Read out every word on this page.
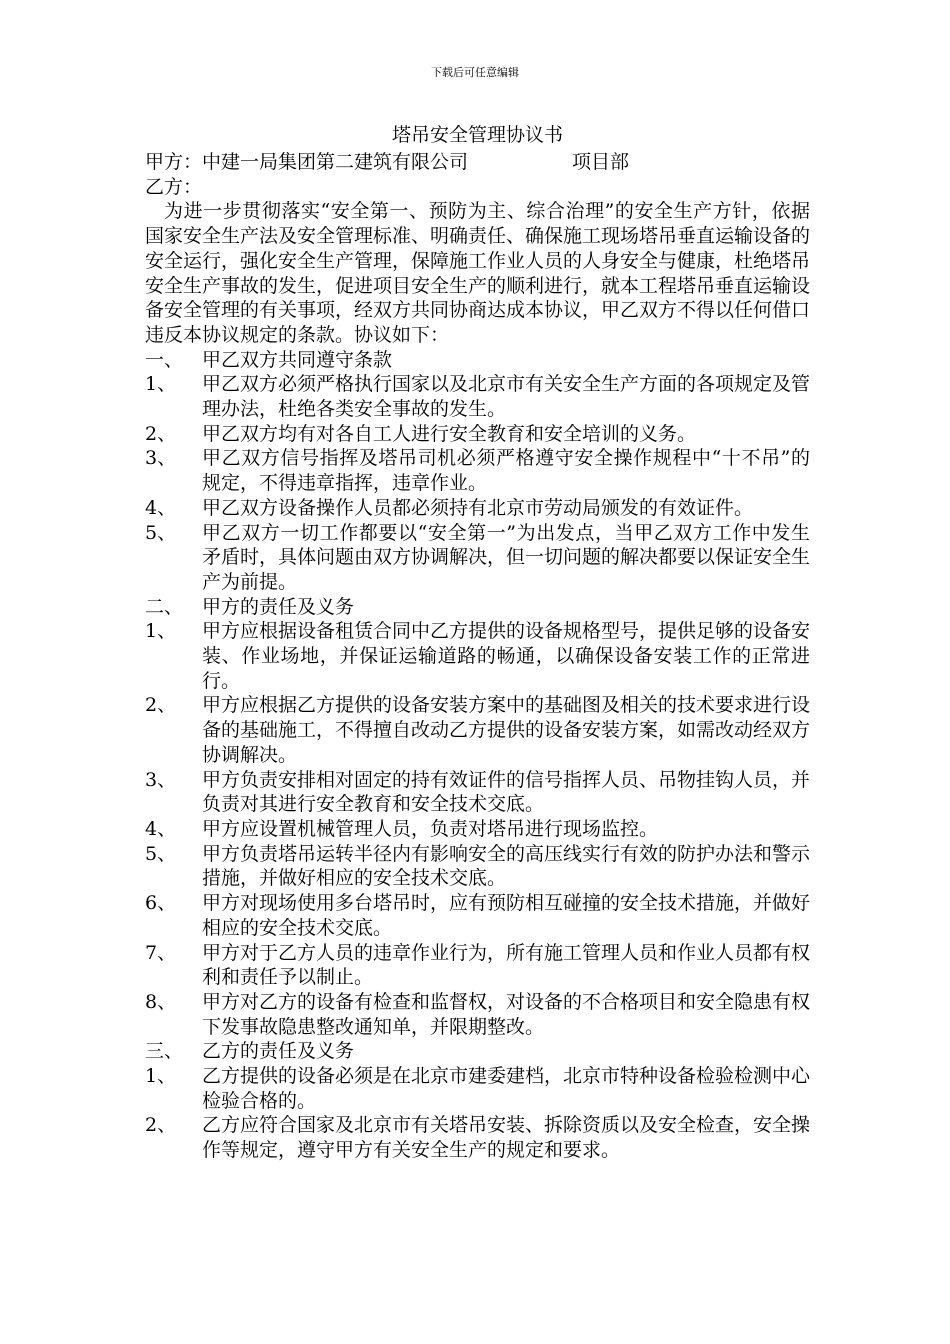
下载后可任意编辑
塔吊安全管理协议书
甲方：中建一局集团第二建筑有限公司	项目部
乙方：
为进一步贯彻落实“安全第一、预防为主、综合治理”的安全生产方针，依据国家安全生产法及安全管理标准、明确责任、确保施工现场塔吊垂直运输设备的安全运行，强化安全生产管理，保障施工作业人员的人身安全与健康，杜绝塔吊安全生产事故的发生，促进项目安全生产的顺利进行，就本工程塔吊垂直运输设备安全管理的有关事项，经双方共同协商达成本协议，甲乙双方不得以任何借口违反本协议规定的条款。协议如下：
一、 甲乙双方共同遵守条款
1、	甲乙双方必须严格执行国家以及北京市有关安全生产方面的各项规定及管理办法，杜绝各类安全事故的发生。
2、	甲乙双方均有对各自工人进行安全教育和安全培训的义务。
3、	甲乙双方信号指挥及塔吊司机必须严格遵守安全操作规程中“十不吊”的规定，不得违章指挥，违章作业。
4、	甲乙双方设备操作人员都必须持有北京市劳动局颁发的有效证件。
5、	甲乙双方一切工作都要以“安全第一”为出发点，当甲乙双方工作中发生矛盾时，具体问题由双方协调解决，但一切问题的解决都要以保证安全生产为前提。
二、 甲方的责任及义务
1、	甲方应根据设备租赁合同中乙方提供的设备规格型号，提供足够的设备安装、作业场地，并保证运输道路的畅通，以确保设备安装工作的正常进行。
2、	甲方应根据乙方提供的设备安装方案中的基础图及相关的技术要求进行设备的基础施工，不得擅自改动乙方提供的设备安装方案，如需改动经双方协调解决。
3、	甲方负责安排相对固定的持有效证件的信号指挥人员、吊物挂钩人员，并负责对其进行安全教育和安全技术交底。
4、	甲方应设置机械管理人员，负责对塔吊进行现场监控。
5、	甲方负责塔吊运转半径内有影响安全的高压线实行有效的防护办法和警示措施，并做好相应的安全技术交底。
6、	甲方对现场使用多台塔吊时，应有预防相互碰撞的安全技术措施，并做好相应的安全技术交底。
7、	甲方对于乙方人员的违章作业行为，所有施工管理人员和作业人员都有权利和责任予以制止。
8、	甲方对乙方的设备有检查和监督权，对设备的不合格项目和安全隐患有权下发事故隐患整改通知单，并限期整改。
三、 乙方的责任及义务
1、	乙方提供的设备必须是在北京市建委建档，北京市特种设备检验检测中心检验合格的。
2、	乙方应符合国家及北京市有关塔吊安装、拆除资质以及安全检查，安全操作等规定，遵守甲方有关安全生产的规定和要求。
